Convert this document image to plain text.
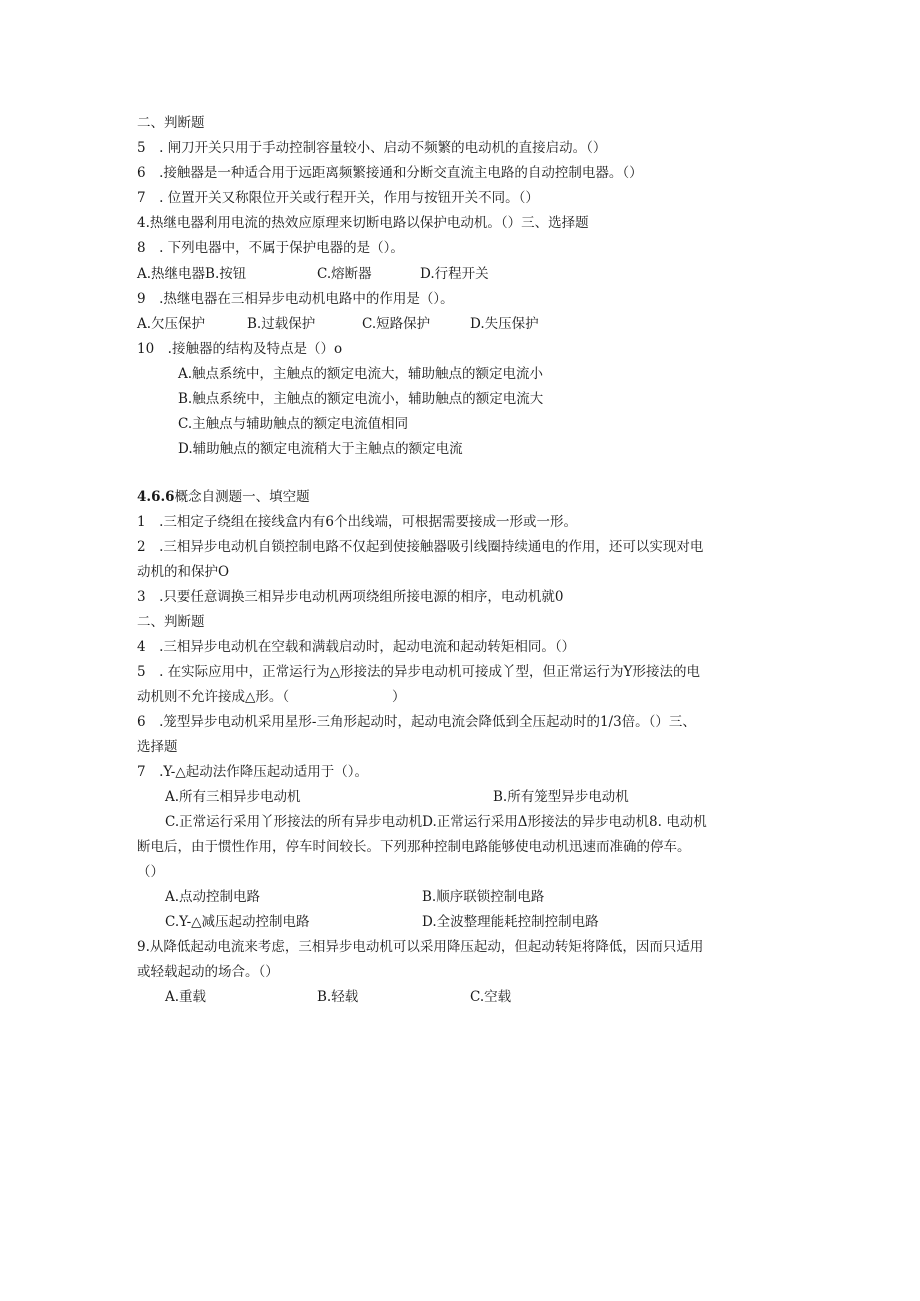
二、判断题
5　. 闸刀开关只用于手动控制容量较小、启动不频繁的电动机的直接启动。（）
6　.接触器是一种适合用于远距离频繁接通和分断交直流主电路的自动控制电器。（）
7　. 位置开关又称限位开关或行程开关，作用与按钮开关不同。（）
4.热继电器利用电流的热效应原理来切断电路以保护电动机。（）三、选择题
8　. 下列电器中，不属于保护电器的是（）。
A.热继电器B.按钮	C.熔断器	D.行程开关
9　.热继电器在三相异步电动机电路中的作用是（）。
A.欠压保护	B.过载保护	C.短路保护	D.失压保护
10　.接触器的结构及特点是（）o
A.触点系统中，主触点的额定电流大，辅助触点的额定电流小
B.触点系统中，主触点的额定电流小，辅助触点的额定电流大
C.主触点与辅助触点的额定电流值相同
D.辅助触点的额定电流稍大于主触点的额定电流
4.6.6概念自测题一、填空题
1　.三相定子绕组在接线盒内有6个出线端，可根据需要接成一形或一形。
2　.三相异步电动机自锁控制电路不仅起到使接触器吸引线圈持续通电的作用，还可以实现对电
动机的和保护O
3　.只要任意调换三相异步电动机两项绕组所接电源的相序，电动机就0
二、判断题
4　.三相异步电动机在空载和满载启动时，起动电流和起动转矩相同。（）
5　. 在实际应用中，正常运行为△形接法的异步电动机可接成丫型，但正常运行为Y形接法的电
动机则不允许接成△形。（	）
6　.笼型异步电动机采用星形-三角形起动时，起动电流会降低到全压起动时的1/3倍。（）三、
选择题
7　.Y-△起动法作降压起动适用于（）。
A.所有三相异步电动机	B.所有笼型异步电动机
C.正常运行采用丫形接法的所有异步电动机D.正常运行采用Δ形接法的异步电动机8. 电动机
断电后，由于惯性作用，停车时间较长。下列那种控制电路能够使电动机迅速而准确的停车。
（）
A.点动控制电路	B.顺序联锁控制电路
C.Y-△减压起动控制电路	D.全波整理能耗控制控制电路
9.从降低起动电流来考虑，三相异步电动机可以采用降压起动，但起动转矩将降低，因而只适用
或轻载起动的场合。（）
A.重载	B.轻载	C.空载
